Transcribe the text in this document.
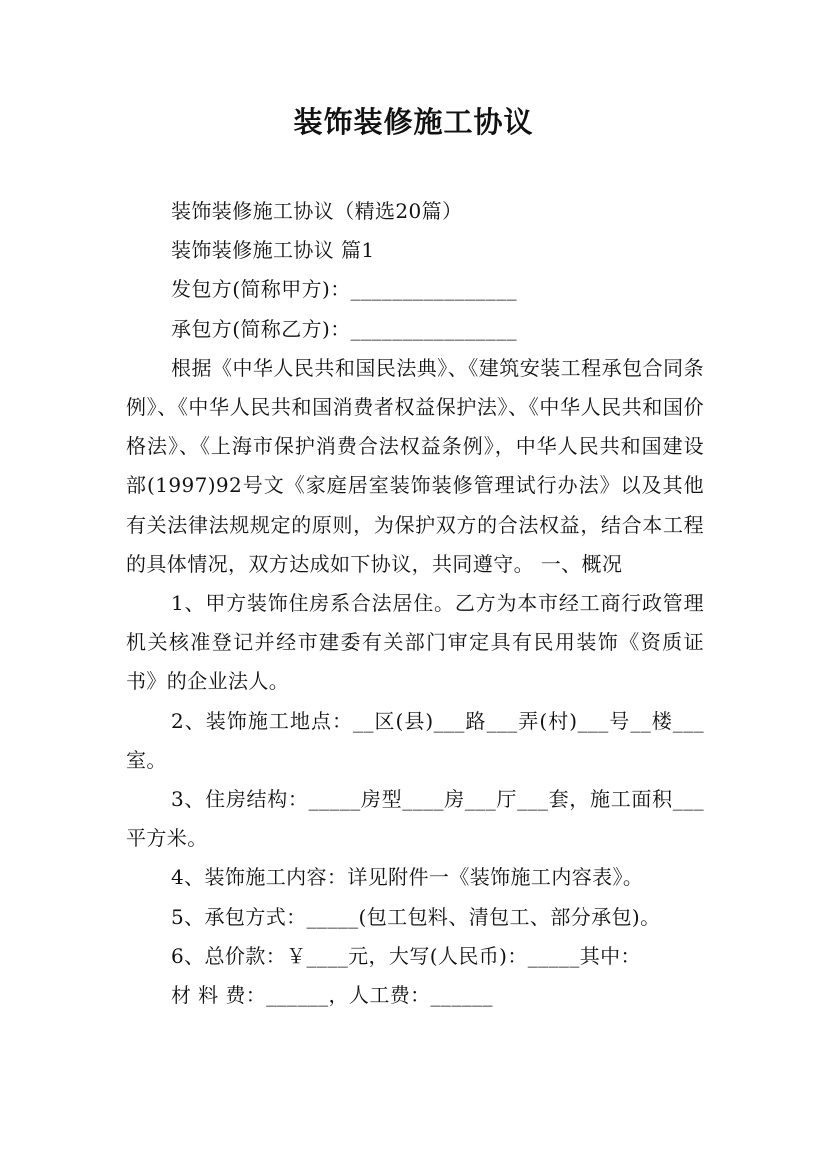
装饰装修施工协议

装饰装修施工协议（精选20篇）

装饰装修施工协议 篇1

发包方(简称甲方)：________________

承包方(简称乙方)：________________

根据《中华人民共和国民法典》、《建筑安装工程承包合同条例》、《中华人民共和国消费者权益保护法》、《中华人民共和国价格法》、《上海市保护消费合法权益条例》，中华人民共和国建设部(1997)92号文《家庭居室装饰装修管理试行办法》以及其他有关法律法规规定的原则，为保护双方的合法权益，结合本工程的具体情况，双方达成如下协议，共同遵守。 一、概况

1、甲方装饰住房系合法居住。乙方为本市经工商行政管理机关核准登记并经市建委有关部门审定具有民用装饰《资质证书》的企业法人。

2、装饰施工地点：__区(县)___路___弄(村)___号__楼___室。

3、住房结构：_____房型____房___厅___套，施工面积___平方米。

4、装饰施工内容：详见附件一《装饰施工内容表》。

5、承包方式：_____(包工包料、清包工、部分承包)。

6、总价款：￥____元，大写(人民币)：_____其中：

材 料 费：______，人工费：______
